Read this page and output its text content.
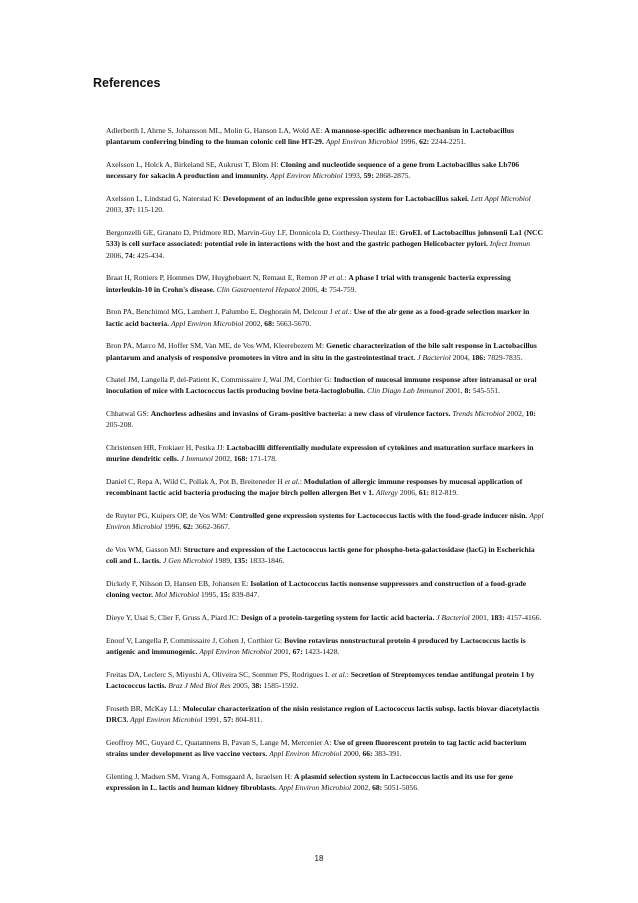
References
Adlerberth I, Ahrne S, Johansson ML, Molin G, Hanson LA, Wold AE: A mannose-specific adherence mechanism in Lactobacillus plantarum conferring binding to the human colonic cell line HT-29. Appl Environ Microbiol 1996, 62: 2244-2251.
Axelsson L, Holck A, Birkeland SE, Aukrust T, Blom H: Cloning and nucleotide sequence of a gene from Lactobacillus sake Lb706 necessary for sakacin A production and immunity. Appl Environ Microbiol 1993, 59: 2868-2875.
Axelsson L, Lindstad G, Naterstad K: Development of an inducible gene expression system for Lactobacillus sakei. Lett Appl Microbiol 2003, 37: 115-120.
Bergonzelli GE, Granato D, Pridmore RD, Marvin-Guy LF, Donnicola D, Corthesy-Theulaz IE: GroEL of Lactobacillus johnsonii La1 (NCC 533) is cell surface associated: potential role in interactions with the host and the gastric pathogen Helicobacter pylori. Infect Immun 2006, 74: 425-434.
Braat H, Rottiers P, Hommes DW, Huyghebaert N, Remaut E, Remon JP et al.: A phase I trial with transgenic bacteria expressing interleukin-10 in Crohn's disease. Clin Gastroenterol Hepatol 2006, 4: 754-759.
Bron PA, Benchimol MG, Lambert J, Palumbo E, Deghorain M, Delcour J et al.: Use of the alr gene as a food-grade selection marker in lactic acid bacteria. Appl Environ Microbiol 2002, 68: 5663-5670.
Bron PA, Marco M, Hoffer SM, Van ME, de Vos WM, Kleerebezem M: Genetic characterization of the bile salt response in Lactobacillus plantarum and analysis of responsive promoters in vitro and in situ in the gastrointestinal tract. J Bacteriol 2004, 186: 7829-7835.
Chatel JM, Langella P, del-Patient K, Commissaire J, Wal JM, Corthier G: Induction of mucosal immune response after intranasal or oral inoculation of mice with Lactococcus lactis producing bovine beta-lactoglobulin. Clin Diagn Lab Immunol 2001, 8: 545-551.
Chhatwal GS: Anchorless adhesins and invasins of Gram-positive bacteria: a new class of virulence factors. Trends Microbiol 2002, 10: 205-208.
Christensen HR, Frokiaer H, Pestka JJ: Lactobacilli differentially modulate expression of cytokines and maturation surface markers in murine dendritic cells. J Immunol 2002, 168: 171-178.
Daniel C, Repa A, Wild C, Pollak A, Pot B, Breiteneder H et al.: Modulation of allergic immune responses by mucosal application of recombinant lactic acid bacteria producing the major birch pollen allergen Bet v 1. Allergy 2006, 61: 812-819.
de Ruyter PG, Kuipers OP, de Vos WM: Controlled gene expression systems for Lactococcus lactis with the food-grade inducer nisin. Appl Environ Microbiol 1996, 62: 3662-3667.
de Vos WM, Gasson MJ: Structure and expression of the Lactococcus lactis gene for phospho-beta-galactosidase (lacG) in Escherichia coli and L. lactis. J Gen Microbiol 1989, 135: 1833-1846.
Dickely F, Nilsson D, Hansen EB, Johansen E: Isolation of Lactococcus lactis nonsense suppressors and construction of a food-grade cloning vector. Mol Microbiol 1995, 15: 839-847.
Dieye Y, Usai S, Clier F, Gruss A, Piard JC: Design of a protein-targeting system for lactic acid bacteria. J Bacteriol 2001, 183: 4157-4166.
Enouf V, Langella P, Commissaire J, Cohen J, Corthier G: Bovine rotavirus nonstructural protein 4 produced by Lactococcus lactis is antigenic and immunogenic. Appl Environ Microbiol 2001, 67: 1423-1428.
Freitas DA, Leclerc S, Miyoshi A, Oliveira SC, Sommer PS, Rodrigues L et al.: Secretion of Streptomyces tendae antifungal protein 1 by Lactococcus lactis. Braz J Med Biol Res 2005, 38: 1585-1592.
Froseth BR, McKay LL: Molecular characterization of the nisin resistance region of Lactococcus lactis subsp. lactis biovar diacetylactis DRC3. Appl Environ Microbiol 1991, 57: 804-811.
Geoffroy MC, Guyard C, Quatannens B, Pavan S, Lange M, Mercenier A: Use of green fluorescent protein to tag lactic acid bacterium strains under development as live vaccine vectors. Appl Environ Microbiol 2000, 66: 383-391.
Glenting J, Madsen SM, Vrang A, Fomsgaard A, Israelsen H: A plasmid selection system in Lactococcus lactis and its use for gene expression in L. lactis and human kidney fibroblasts. Appl Environ Microbiol 2002, 68: 5051-5056.

18
